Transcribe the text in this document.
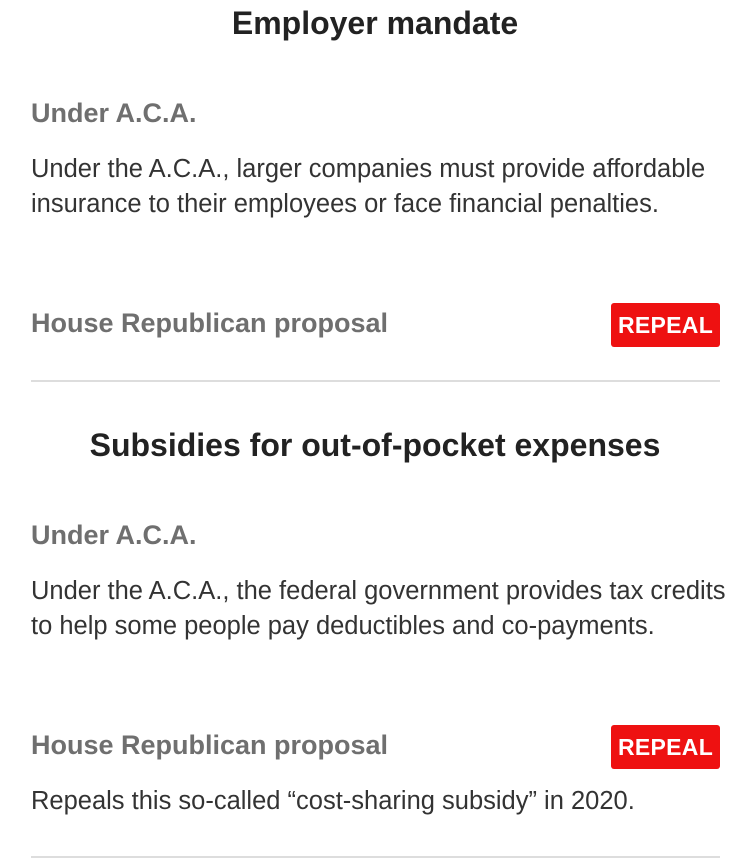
Employer mandate
Under A.C.A.
Under the A.C.A., larger companies must provide affordable insurance to their employees or face financial penalties.
House Republican proposal	REPEAL
Subsidies for out-of-pocket expenses
Under A.C.A.
Under the A.C.A., the federal government provides tax credits to help some people pay deductibles and co-payments.
House Republican proposal	REPEAL
Repeals this so-called “cost-sharing subsidy” in 2020.
